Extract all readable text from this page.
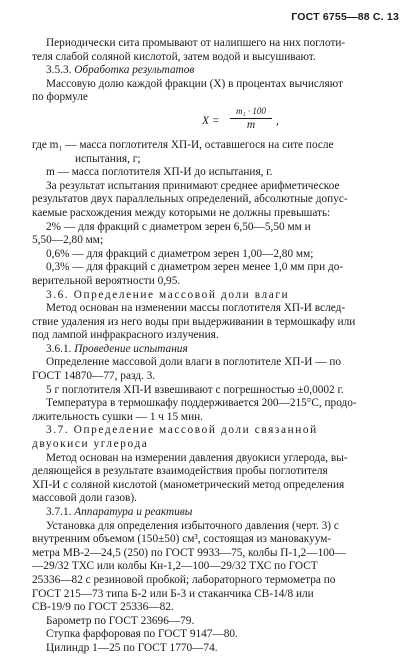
ГОСТ 6755—88 С. 13
Периодически сита промывают от налипшего на них поглоти-
теля слабой соляной кислотой, затем водой и высушивают.
3.5.3. Обработка результатов
Массовую долю каждой фракции (X) в процентах вычисляют
по формуле
X =
m₁ · 100
m	,
где m₁ — масса поглотителя ХП-И, оставшегося на сите после
испытания, г;
m — масса поглотителя ХП-И до испытания, г.
За результат испытания принимают среднее арифметическое
результатов двух параллельных определений, абсолютные допус-
каемые расхождения между которыми не должны превышать:
2% — для фракций с диаметром зерен 6,50—5,50 мм и
5,50—2,80 мм;
0,6% — для фракций с диаметром зерен 1,00—2,80 мм;
0,3% — для фракций с диаметром зерен менее 1,0 мм при до-
верительной вероятности 0,95.
3.6. Определение массовой доли влаги
Метод основан на изменении массы поглотителя ХП-И вслед-
ствие удаления из него воды при выдерживании в термошкафу или
под лампой инфракрасного излучения.
3.6.1. Проведение испытания
Определение массовой доли влаги в поглотителе ХП-И — по
ГОСТ 14870—77, разд. 3.
5 г поглотителя ХП-И взвешивают с погрешностью ±0,0002 г.
Температура в термошкафу поддерживается 200—215°С, продо-
лжительность сушки — 1 ч 15 мин.
3.7. Определение массовой доли связанной
двуокиси углерода
Метод основан на измерении давления двуокиси углерода, вы-
деляющейся в результате взаимодействия пробы поглотителя
ХП-И с соляной кислотой (манометрический метод определения
массовой доли газов).
3.7.1. Аппаратура и реактивы
Установка для определения избыточного давления (черт. 3) с
внутренним объемом (150±50) см³, состоящая из мановакуум-
метра МВ-2—24,5 (250) по ГОСТ 9933—75, колбы П-1,2—100—
—29/32 ТХС или колбы Кн-1,2—100—29/32 ТХС по ГОСТ
25336—82 с резиновой пробкой; лабораторного термометра по
ГОСТ 215—73 типа Б-2 или Б-3 и стаканчика СВ-14/8 или
СВ-19/9 по ГОСТ 25336—82.
Барометр по ГОСТ 23696—79.
Ступка фарфоровая по ГОСТ 9147—80.
Цилиндр 1—25 по ГОСТ 1770—74.
